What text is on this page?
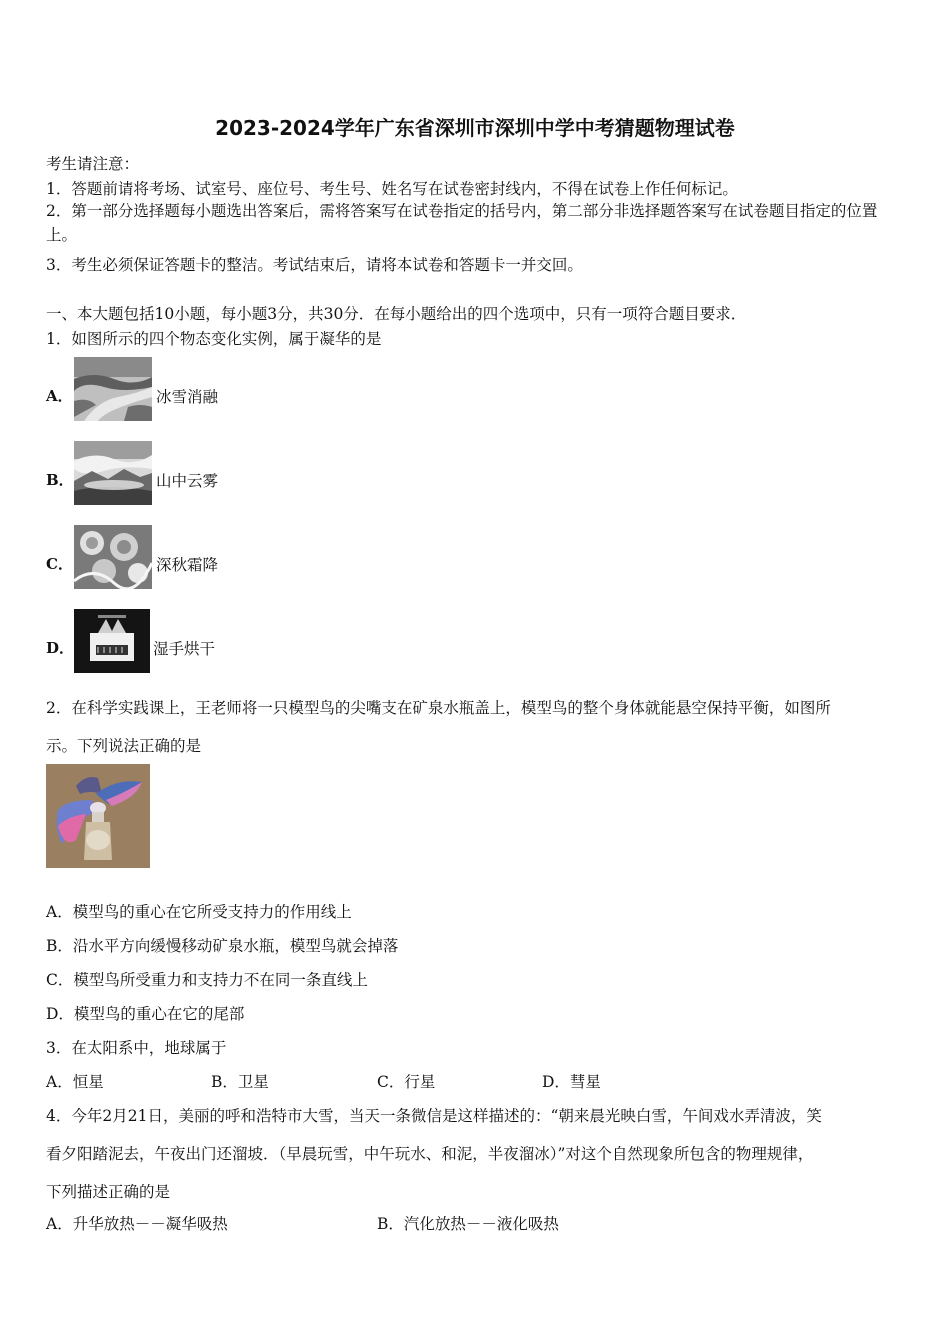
2023-2024学年广东省深圳市深圳中学中考猜题物理试卷
考生请注意：
1．答题前请将考场、试室号、座位号、考生号、姓名写在试卷密封线内，不得在试卷上作任何标记。
2．第一部分选择题每小题选出答案后，需将答案写在试卷指定的括号内，第二部分非选择题答案写在试卷题目指定的位置上。
3．考生必须保证答题卡的整洁。考试结束后，请将本试卷和答题卡一并交回。
一、本大题包括10小题，每小题3分，共30分．在每小题给出的四个选项中，只有一项符合题目要求．
1．如图所示的四个物态变化实例，属于凝华的是
A．	冰雪消融
B．	山中云雾
C．	深秋霜降
D．	湿手烘干
2．在科学实践课上，王老师将一只模型鸟的尖嘴支在矿泉水瓶盖上，模型鸟的整个身体就能悬空保持平衡，如图所
示。下列说法正确的是
A．模型鸟的重心在它所受支持力的作用线上
B．沿水平方向缓慢移动矿泉水瓶，模型鸟就会掉落
C．模型鸟所受重力和支持力不在同一条直线上
D．模型鸟的重心在它的尾部
3．在太阳系中，地球属于
A．恒星	B．卫星	C．行星	D．彗星
4．今年2月21日，美丽的呼和浩特市大雪，当天一条微信是这样描述的：“朝来晨光映白雪，午间戏水弄清波，笑
看夕阳踏泥去，午夜出门还溜坡．（早晨玩雪，中午玩水、和泥，半夜溜冰）”对这个自然现象所包含的物理规律，
下列描述正确的是
A．升华放热－－凝华吸热	B．汽化放热－－液化吸热
